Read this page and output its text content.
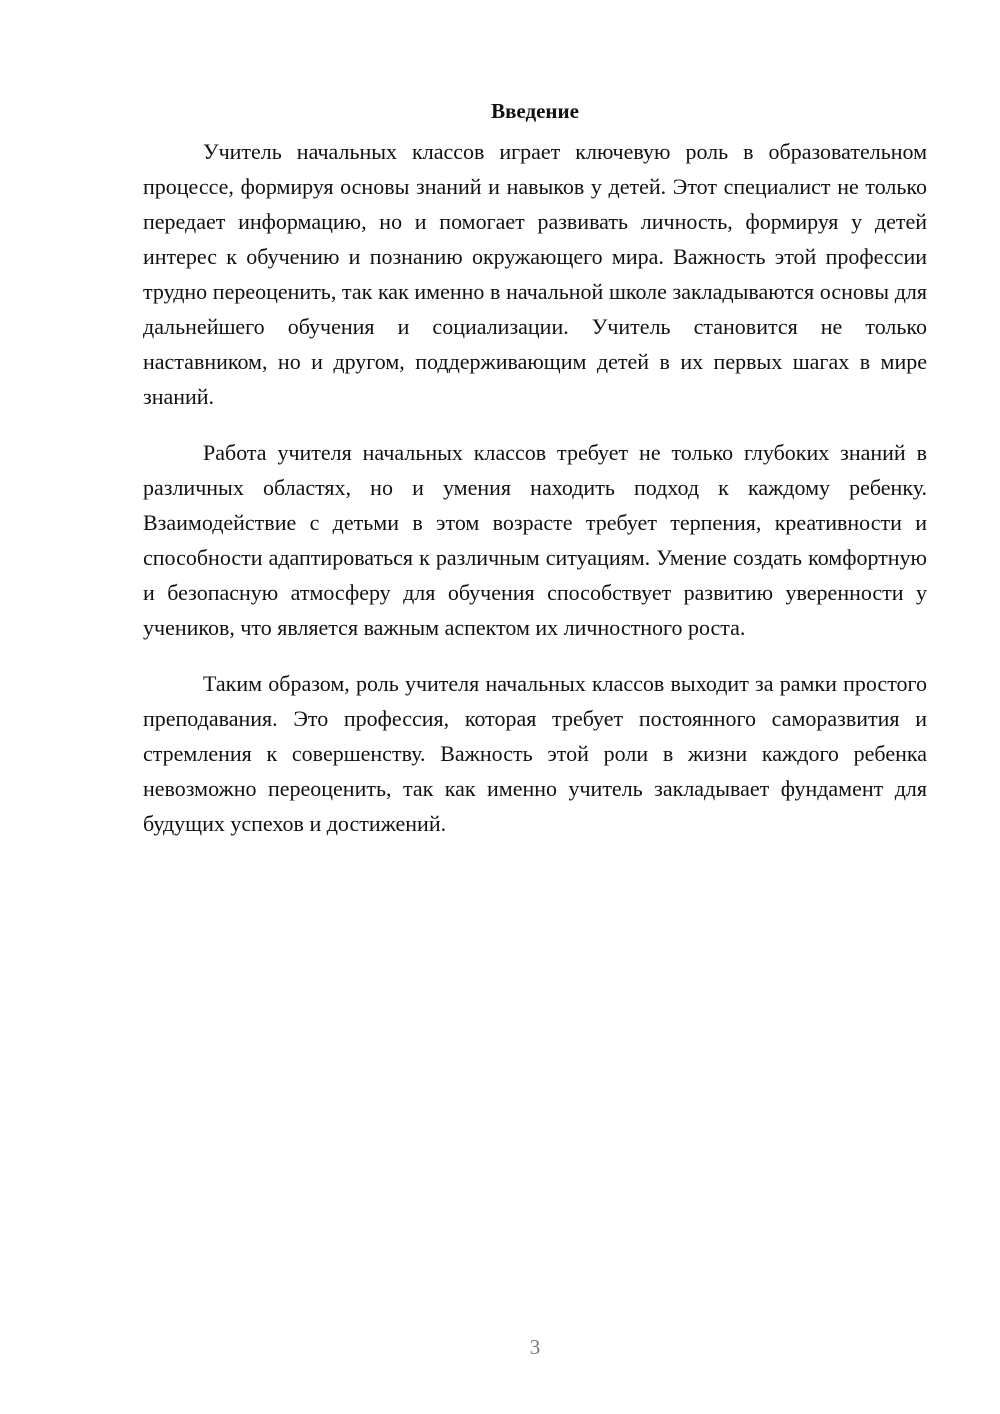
Введение

Учитель начальных классов играет ключевую роль в образовательном процессе, формируя основы знаний и навыков у детей. Этот специалист не только передает информацию, но и помогает развивать личность, формируя у детей интерес к обучению и познанию окружающего мира. Важность этой профессии трудно переоценить, так как именно в начальной школе закладываются основы для дальнейшего обучения и социализации. Учитель становится не только наставником, но и другом, поддерживающим детей в их первых шагах в мире знаний.

Работа учителя начальных классов требует не только глубоких знаний в различных областях, но и умения находить подход к каждому ребенку. Взаимодействие с детьми в этом возрасте требует терпения, креативности и способности адаптироваться к различным ситуациям. Умение создать комфортную и безопасную атмосферу для обучения способствует развитию уверенности у учеников, что является важным аспектом их личностного роста.

Таким образом, роль учителя начальных классов выходит за рамки простого преподавания. Это профессия, которая требует постоянного саморазвития и стремления к совершенству. Важность этой роли в жизни каждого ребенка невозможно переоценить, так как именно учитель закладывает фундамент для будущих успехов и достижений.

3
